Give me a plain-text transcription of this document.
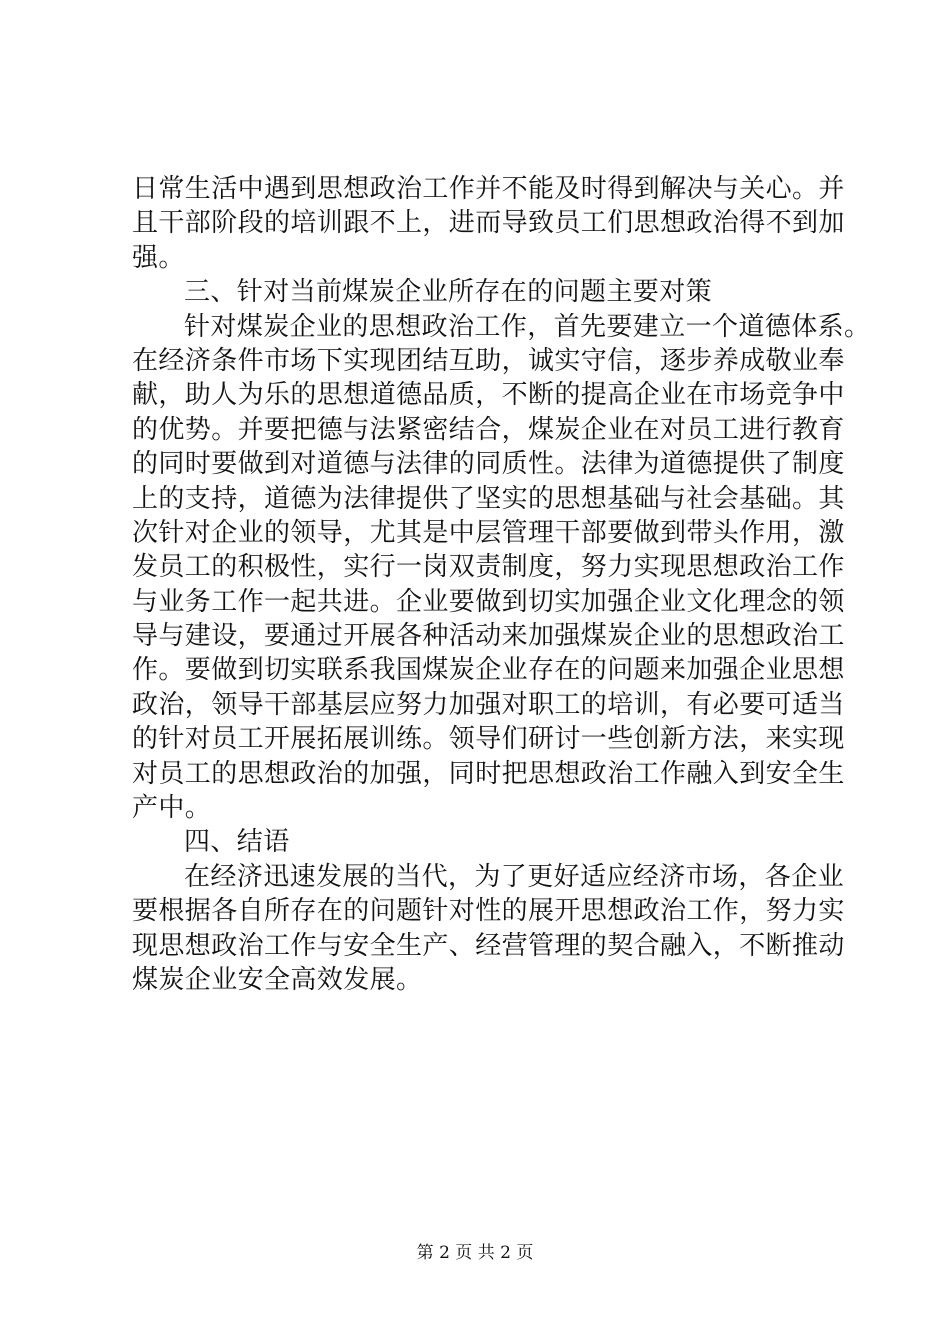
日常生活中遇到思想政治工作并不能及时得到解决与关心。并
且干部阶段的培训跟不上，进而导致员工们思想政治得不到加
强。
三、针对当前煤炭企业所存在的问题主要对策
针对煤炭企业的思想政治工作，首先要建立一个道德体系。
在经济条件市场下实现团结互助，诚实守信，逐步养成敬业奉
献，助人为乐的思想道德品质，不断的提高企业在市场竞争中
的优势。并要把德与法紧密结合，煤炭企业在对员工进行教育
的同时要做到对道德与法律的同质性。法律为道德提供了制度
上的支持，道德为法律提供了坚实的思想基础与社会基础。其
次针对企业的领导，尤其是中层管理干部要做到带头作用，激
发员工的积极性，实行一岗双责制度，努力实现思想政治工作
与业务工作一起共进。企业要做到切实加强企业文化理念的领
导与建设，要通过开展各种活动来加强煤炭企业的思想政治工
作。要做到切实联系我国煤炭企业存在的问题来加强企业思想
政治，领导干部基层应努力加强对职工的培训，有必要可适当
的针对员工开展拓展训练。领导们研讨一些创新方法，来实现
对员工的思想政治的加强，同时把思想政治工作融入到安全生
产中。
四、结语
在经济迅速发展的当代，为了更好适应经济市场，各企业
要根据各自所存在的问题针对性的展开思想政治工作，努力实
现思想政治工作与安全生产、经营管理的契合融入，不断推动
煤炭企业安全高效发展。
第 2 页 共 2 页
